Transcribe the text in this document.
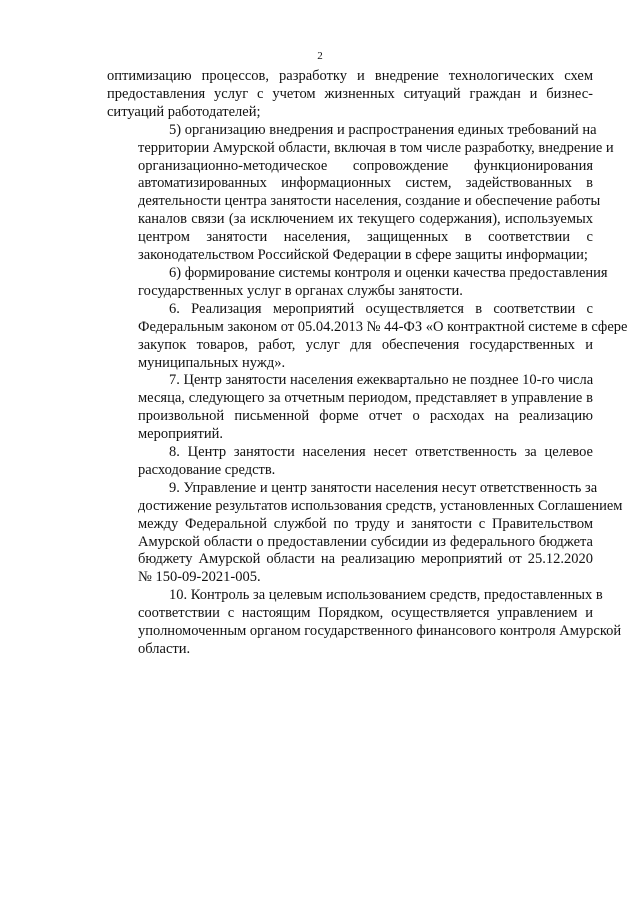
2
оптимизацию процессов, разработку и внедрение технологических схем
предоставления услуг с учетом жизненных ситуаций граждан и бизнес-
ситуаций работодателей;
5) организацию внедрения и распространения единых требований на
территории Амурской области, включая в том числе разработку, внедрение и
организационно-методическое сопровождение функционирования
автоматизированных информационных систем, задействованных в
деятельности центра занятости населения, создание и обеспечение работы
каналов связи (за исключением их текущего содержания), используемых
центром занятости населения, защищенных в соответствии с
законодательством Российской Федерации в сфере защиты информации;
6) формирование системы контроля и оценки качества предоставления
государственных услуг в органах службы занятости.
6. Реализация мероприятий осуществляется в соответствии с
Федеральным законом от 05.04.2013 № 44-ФЗ «О контрактной системе в сфере
закупок товаров, работ, услуг для обеспечения государственных и
муниципальных нужд».
7. Центр занятости населения ежеквартально не позднее 10-го числа
месяца, следующего за отчетным периодом, представляет в управление в
произвольной письменной форме отчет о расходах на реализацию
мероприятий.
8. Центр занятости населения несет ответственность за целевое
расходование средств.
9. Управление и центр занятости населения несут ответственность за
достижение результатов использования средств, установленных Соглашением
между Федеральной службой по труду и занятости с Правительством
Амурской области о предоставлении субсидии из федерального бюджета
бюджету Амурской области на реализацию мероприятий от 25.12.2020
№ 150-09-2021-005.
10. Контроль за целевым использованием средств, предоставленных в
соответствии с настоящим Порядком, осуществляется управлением и
уполномоченным органом государственного финансового контроля Амурской
области.
